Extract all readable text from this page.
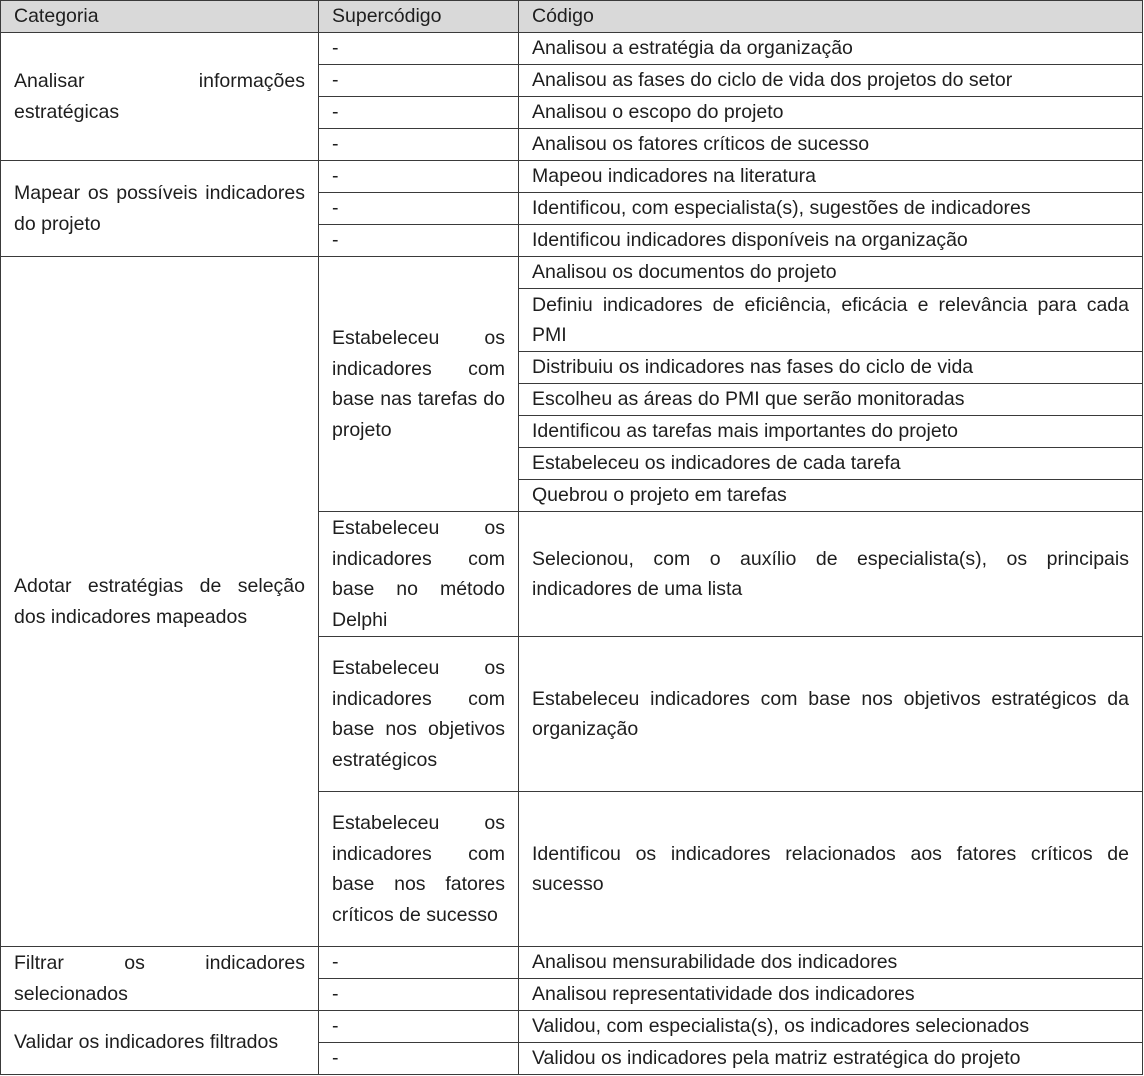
Categoria	Supercódigo	Código
Analisar informações estratégicas	-	Analisou a estratégia da organização
	-	Analisou as fases do ciclo de vida dos projetos do setor
	-	Analisou o escopo do projeto
	-	Analisou os fatores críticos de sucesso
Mapear os possíveis indicadores do projeto	-	Mapeou indicadores na literatura
	-	Identificou, com especialista(s), sugestões de indicadores
	-	Identificou indicadores disponíveis na organização
Adotar estratégias de seleção dos indicadores mapeados	Estabeleceu os indicadores com base nas tarefas do projeto	Analisou os documentos do projeto
		Definiu indicadores de eficiência, eficácia e relevância para cada PMI
		Distribuiu os indicadores nas fases do ciclo de vida
		Escolheu as áreas do PMI que serão monitoradas
		Identificou as tarefas mais importantes do projeto
		Estabeleceu os indicadores de cada tarefa
		Quebrou o projeto em tarefas
	Estabeleceu os indicadores com base no método Delphi	Selecionou, com o auxílio de especialista(s), os principais indicadores de uma lista
	Estabeleceu os indicadores com base nos objetivos estratégicos	Estabeleceu indicadores com base nos objetivos estratégicos da organização
	Estabeleceu os indicadores com base nos fatores críticos de sucesso	Identificou os indicadores relacionados aos fatores críticos de sucesso
Filtrar os indicadores selecionados	-	Analisou mensurabilidade dos indicadores
	-	Analisou representatividade dos indicadores
Validar os indicadores filtrados	-	Validou, com especialista(s), os indicadores selecionados
	-	Validou os indicadores pela matriz estratégica do projeto
